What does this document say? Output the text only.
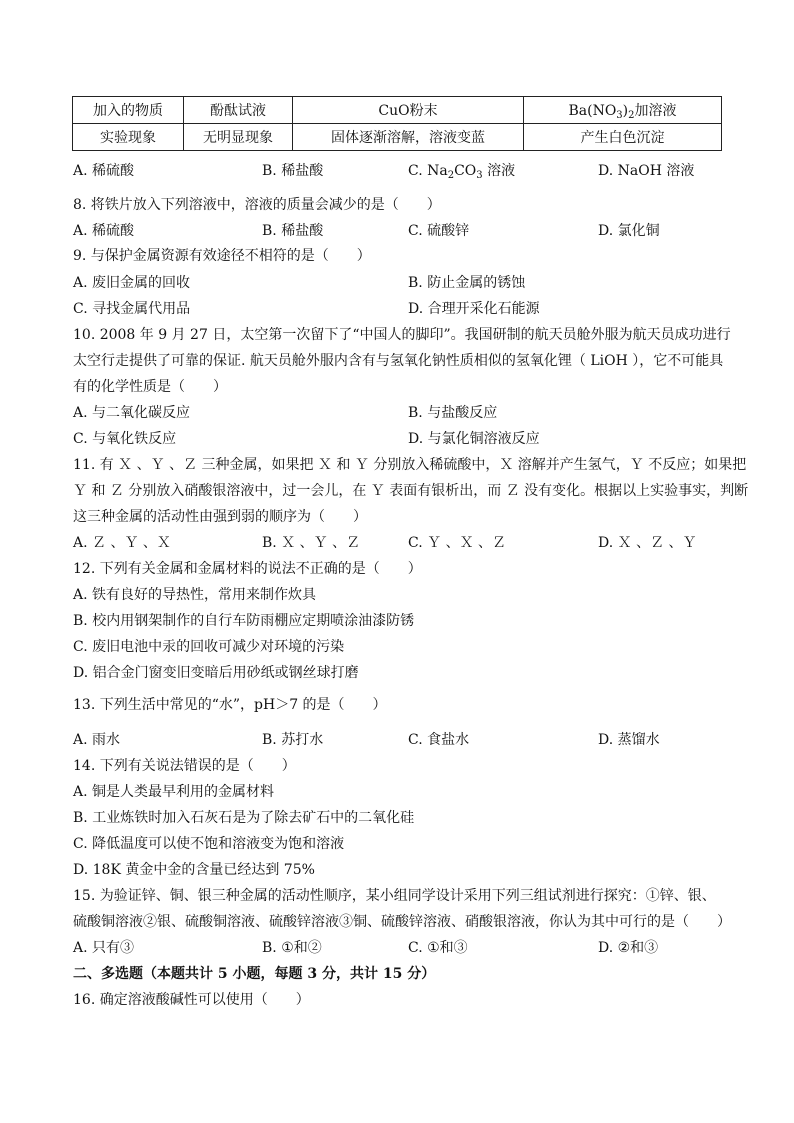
加入的物质	酚酞试液	CuO粉末	$Ba(NO_3)_2$加溶液
实验现象	无明显现象	固体逐渐溶解，溶液变蓝	产生白色沉淀
A. 稀硫酸	B. 稀盐酸	C. $Na_2CO_3$ 溶液	D. NaOH 溶液
8. 将铁片放入下列溶液中，溶液的质量会减少的是（　　）
A. 稀硫酸	B. 稀盐酸	C. 硫酸锌	D. 氯化铜
9. 与保护金属资源有效途径不相符的是（　　）
A. 废旧金属的回收	B. 防止金属的锈蚀
C. 寻找金属代用品	D. 合理开采化石能源
10. 2008 年 9 月 27 日，太空第一次留下了“中国人的脚印”。我国研制的航天员舱外服为航天员成功进行
太空行走提供了可靠的保证. 航天员舱外服内含有与氢氧化钠性质相似的氢氧化锂（ LiOH ），它不可能具
有的化学性质是（　　）
A. 与二氧化碳反应	B. 与盐酸反应
C. 与氧化铁反应	D. 与氯化铜溶液反应
11. 有 Ｘ 、Ｙ 、Ｚ 三种金属，如果把 Ｘ 和 Ｙ 分别放入稀硫酸中，Ｘ 溶解并产生氢气，Ｙ 不反应；如果把
Ｙ 和 Ｚ 分别放入硝酸银溶液中，过一会儿，在 Ｙ 表面有银析出，而 Ｚ 没有变化。根据以上实验事实，判断
这三种金属的活动性由强到弱的顺序为（　　）
A. Ｚ 、Ｙ 、Ｘ	B. Ｘ 、Ｙ 、Ｚ	C. Ｙ 、Ｘ 、Ｚ	D. Ｘ 、Ｚ 、Ｙ
12. 下列有关金属和金属材料的说法不正确的是（　　）
A. 铁有良好的导热性，常用来制作炊具
B. 校内用钢架制作的自行车防雨棚应定期喷涂油漆防锈
C. 废旧电池中汞的回收可减少对环境的污染
D. 铝合金门窗变旧变暗后用砂纸或钢丝球打磨
13. 下列生活中常见的“水”，pH＞7 的是（　　）
A. 雨水	B. 苏打水	C. 食盐水	D. 蒸馏水
14. 下列有关说法错误的是（　　）
A. 铜是人类最早利用的金属材料
B. 工业炼铁时加入石灰石是为了除去矿石中的二氧化硅
C. 降低温度可以使不饱和溶液变为饱和溶液
D. 18K 黄金中金的含量已经达到 75%
15. 为验证锌、铜、银三种金属的活动性顺序，某小组同学设计采用下列三组试剂进行探究：①锌、银、
硫酸铜溶液②银、硫酸铜溶液、硫酸锌溶液③铜、硫酸锌溶液、硝酸银溶液，你认为其中可行的是（　　）
A. 只有③	B. ①和②	C. ①和③	D. ②和③
二、多选题（本题共计 5 小题，每题 3 分，共计 15 分）
16. 确定溶液酸碱性可以使用（　　）
